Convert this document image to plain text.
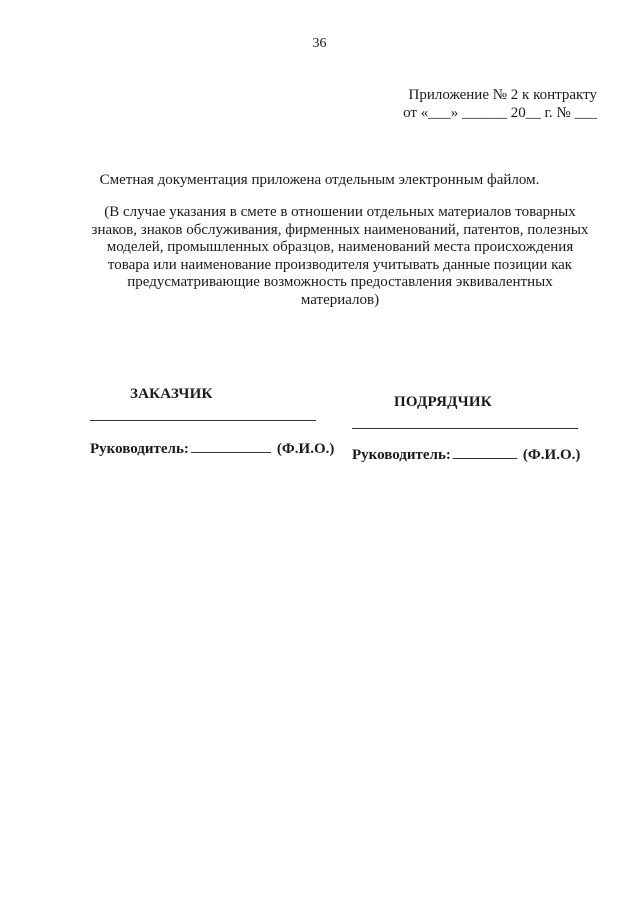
36
Приложение № 2 к контракту
от «___» ______ 20__ г. № ___
Сметная документация приложена отдельным электронным файлом.
(В случае указания в смете в отношении отдельных материалов товарных
знаков, знаков обслуживания, фирменных наименований, патентов, полезных
моделей, промышленных образцов, наименований места происхождения
товара или наименование производителя учитывать данные позиции как
предусматривающие возможность предоставления эквивалентных
материалов)
ЗАКАЗЧИК
Руководитель:	(Ф.И.О.)
ПОДРЯДЧИК
Руководитель:	(Ф.И.О.)
